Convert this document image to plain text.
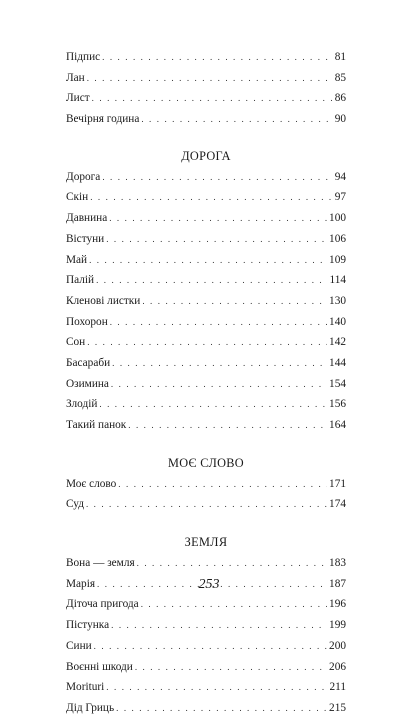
Підпис . . .	81
Лан . . .	85
Лист . . .	86
Вечірня година . . .	90
ДОРОГА
Дорога . . .	94
Скін . . .	97
Давнина . . .	100
Вістуни . . .	106
Май . . .	109
Палій . . .	114
Кленові листки . . .	130
Похорон . . .	140
Сон . . .	142
Басараби . . .	144
Озимина . . .	154
Злодій . . .	156
Такий панок . . .	164
МОЄ СЛОВО
Моє слово . . .	171
Суд . . .	174
ЗЕМЛЯ
Вона — земля . . .	183
Марія . . .	187
Діточа пригода . . .	196
Пістунка . . .	199
Сини . . .	200
Воєнні шкоди . . .	206
Morituri . . .	211
Дід Гриць . . .	215
253
